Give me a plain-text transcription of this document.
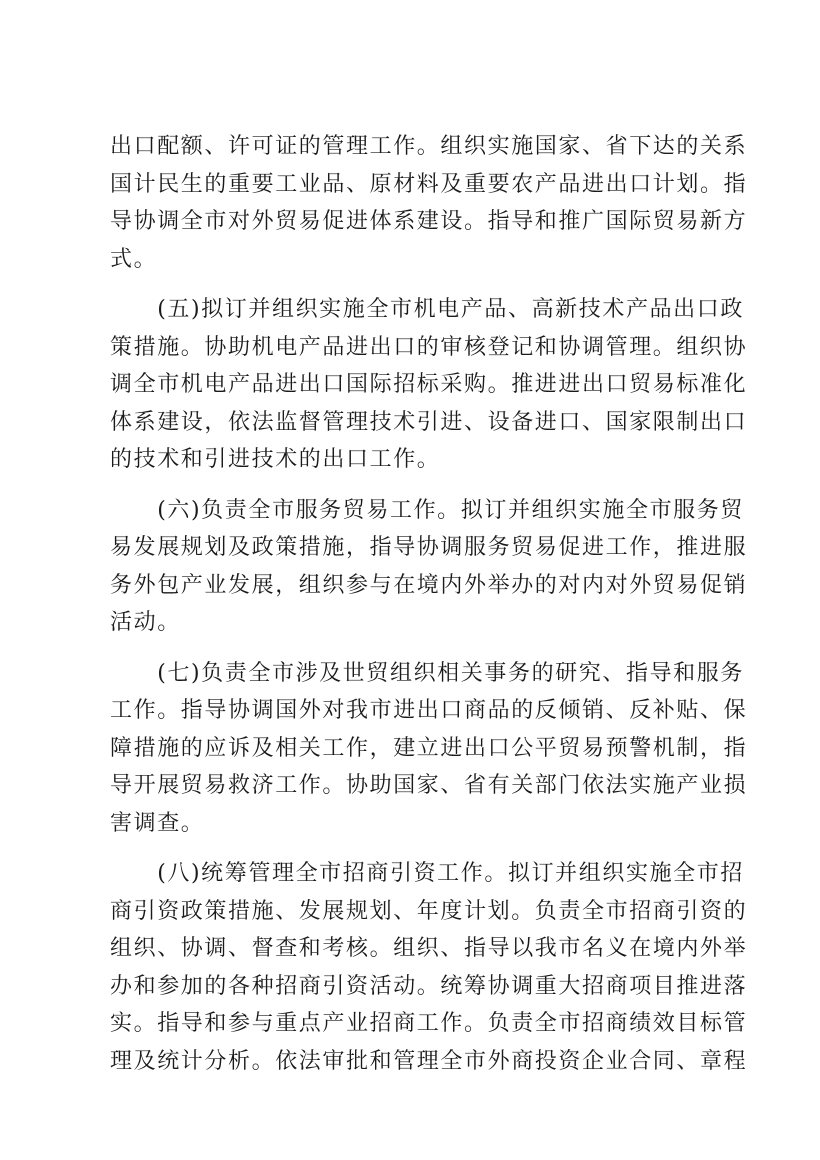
出口配额、许可证的管理工作。组织实施国家、省下达的关系
国计民生的重要工业品、原材料及重要农产品进出口计划。指
导协调全市对外贸易促进体系建设。指导和推广国际贸易新方
式。
　　(五)拟订并组织实施全市机电产品、高新技术产品出口政
策措施。协助机电产品进出口的审核登记和协调管理。组织协
调全市机电产品进出口国际招标采购。推进进出口贸易标准化
体系建设，依法监督管理技术引进、设备进口、国家限制出口
的技术和引进技术的出口工作。
　　(六)负责全市服务贸易工作。拟订并组织实施全市服务贸
易发展规划及政策措施，指导协调服务贸易促进工作，推进服
务外包产业发展，组织参与在境内外举办的对内对外贸易促销
活动。
　　(七)负责全市涉及世贸组织相关事务的研究、指导和服务
工作。指导协调国外对我市进出口商品的反倾销、反补贴、保
障措施的应诉及相关工作，建立进出口公平贸易预警机制，指
导开展贸易救济工作。协助国家、省有关部门依法实施产业损
害调查。
　　(八)统筹管理全市招商引资工作。拟订并组织实施全市招
商引资政策措施、发展规划、年度计划。负责全市招商引资的
组织、协调、督查和考核。组织、指导以我市名义在境内外举
办和参加的各种招商引资活动。统筹协调重大招商项目推进落
实。指导和参与重点产业招商工作。负责全市招商绩效目标管
理及统计分析。依法审批和管理全市外商投资企业合同、章程
